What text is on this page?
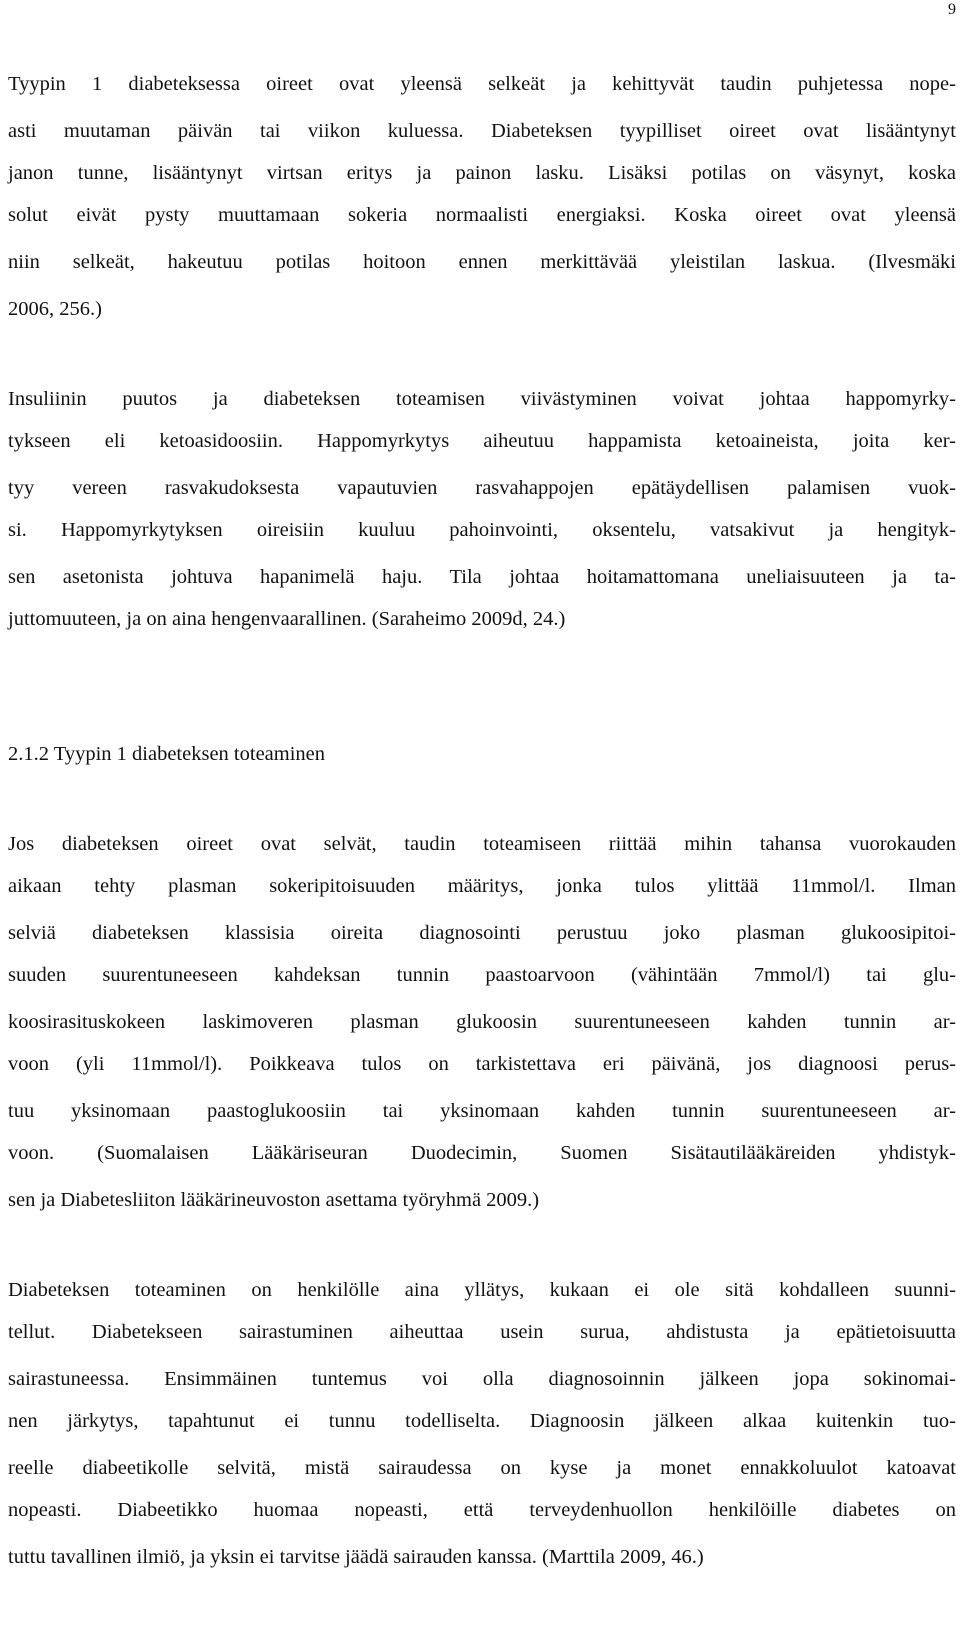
9
Tyypin 1 diabeteksessa oireet ovat yleensä selkeät ja kehittyvät taudin puhjetessa nope-
asti muutaman päivän tai viikon kuluessa. Diabeteksen tyypilliset oireet ovat lisääntynyt
janon tunne, lisääntynyt virtsan eritys ja painon lasku. Lisäksi potilas on väsynyt, koska
solut eivät pysty muuttamaan sokeria normaalisti energiaksi. Koska oireet ovat yleensä
niin selkeät, hakeutuu potilas hoitoon ennen merkittävää yleistilan laskua. (Ilvesmäki
2006, 256.)
Insuliinin puutos ja diabeteksen toteamisen viivästyminen voivat johtaa happomyrky-
tykseen eli ketoasidoosiin. Happomyrkytys aiheutuu happamista ketoaineista, joita ker-
tyy vereen rasvakudoksesta vapautuvien rasvahappojen epätäydellisen palamisen vuok-
si. Happomyrkytyksen oireisiin kuuluu pahoinvointi, oksentelu, vatsakivut ja hengityk-
sen asetonista johtuva hapanimelä haju. Tila johtaa hoitamattomana uneliaisuuteen ja ta-
juttomuuteen, ja on aina hengenvaarallinen. (Saraheimo 2009d, 24.)
2.1.2 Tyypin 1 diabeteksen toteaminen
Jos diabeteksen oireet ovat selvät, taudin toteamiseen riittää mihin tahansa vuorokauden
aikaan tehty plasman sokeripitoisuuden määritys, jonka tulos ylittää 11mmol/l. Ilman
selviä diabeteksen klassisia oireita diagnosointi perustuu joko plasman glukoosipitoi-
suuden suurentuneeseen kahdeksan tunnin paastoarvoon (vähintään 7mmol/l) tai glu-
koosirasituskokeen laskimoveren plasman glukoosin suurentuneeseen kahden tunnin ar-
voon (yli 11mmol/l). Poikkeava tulos on tarkistettava eri päivänä, jos diagnoosi perus-
tuu yksinomaan paastoglukoosiin tai yksinomaan kahden tunnin suurentuneeseen ar-
voon. (Suomalaisen Lääkäriseuran Duodecimin, Suomen Sisätautilääkäreiden yhdistyk-
sen ja Diabetesliiton lääkärineuvoston asettama työryhmä 2009.)
Diabeteksen toteaminen on henkilölle aina yllätys, kukaan ei ole sitä kohdalleen suunni-
tellut. Diabetekseen sairastuminen aiheuttaa usein surua, ahdistusta ja epätietoisuutta
sairastuneessa. Ensimmäinen tuntemus voi olla diagnosoinnin jälkeen jopa sokinomai-
nen järkytys, tapahtunut ei tunnu todelliselta. Diagnoosin jälkeen alkaa kuitenkin tuo-
reelle diabeetikolle selvitä, mistä sairaudessa on kyse ja monet ennakkoluulot katoavat
nopeasti. Diabeetikko huomaa nopeasti, että terveydenhuollon henkilöille diabetes on
tuttu tavallinen ilmiö, ja yksin ei tarvitse jäädä sairauden kanssa. (Marttila 2009, 46.)
